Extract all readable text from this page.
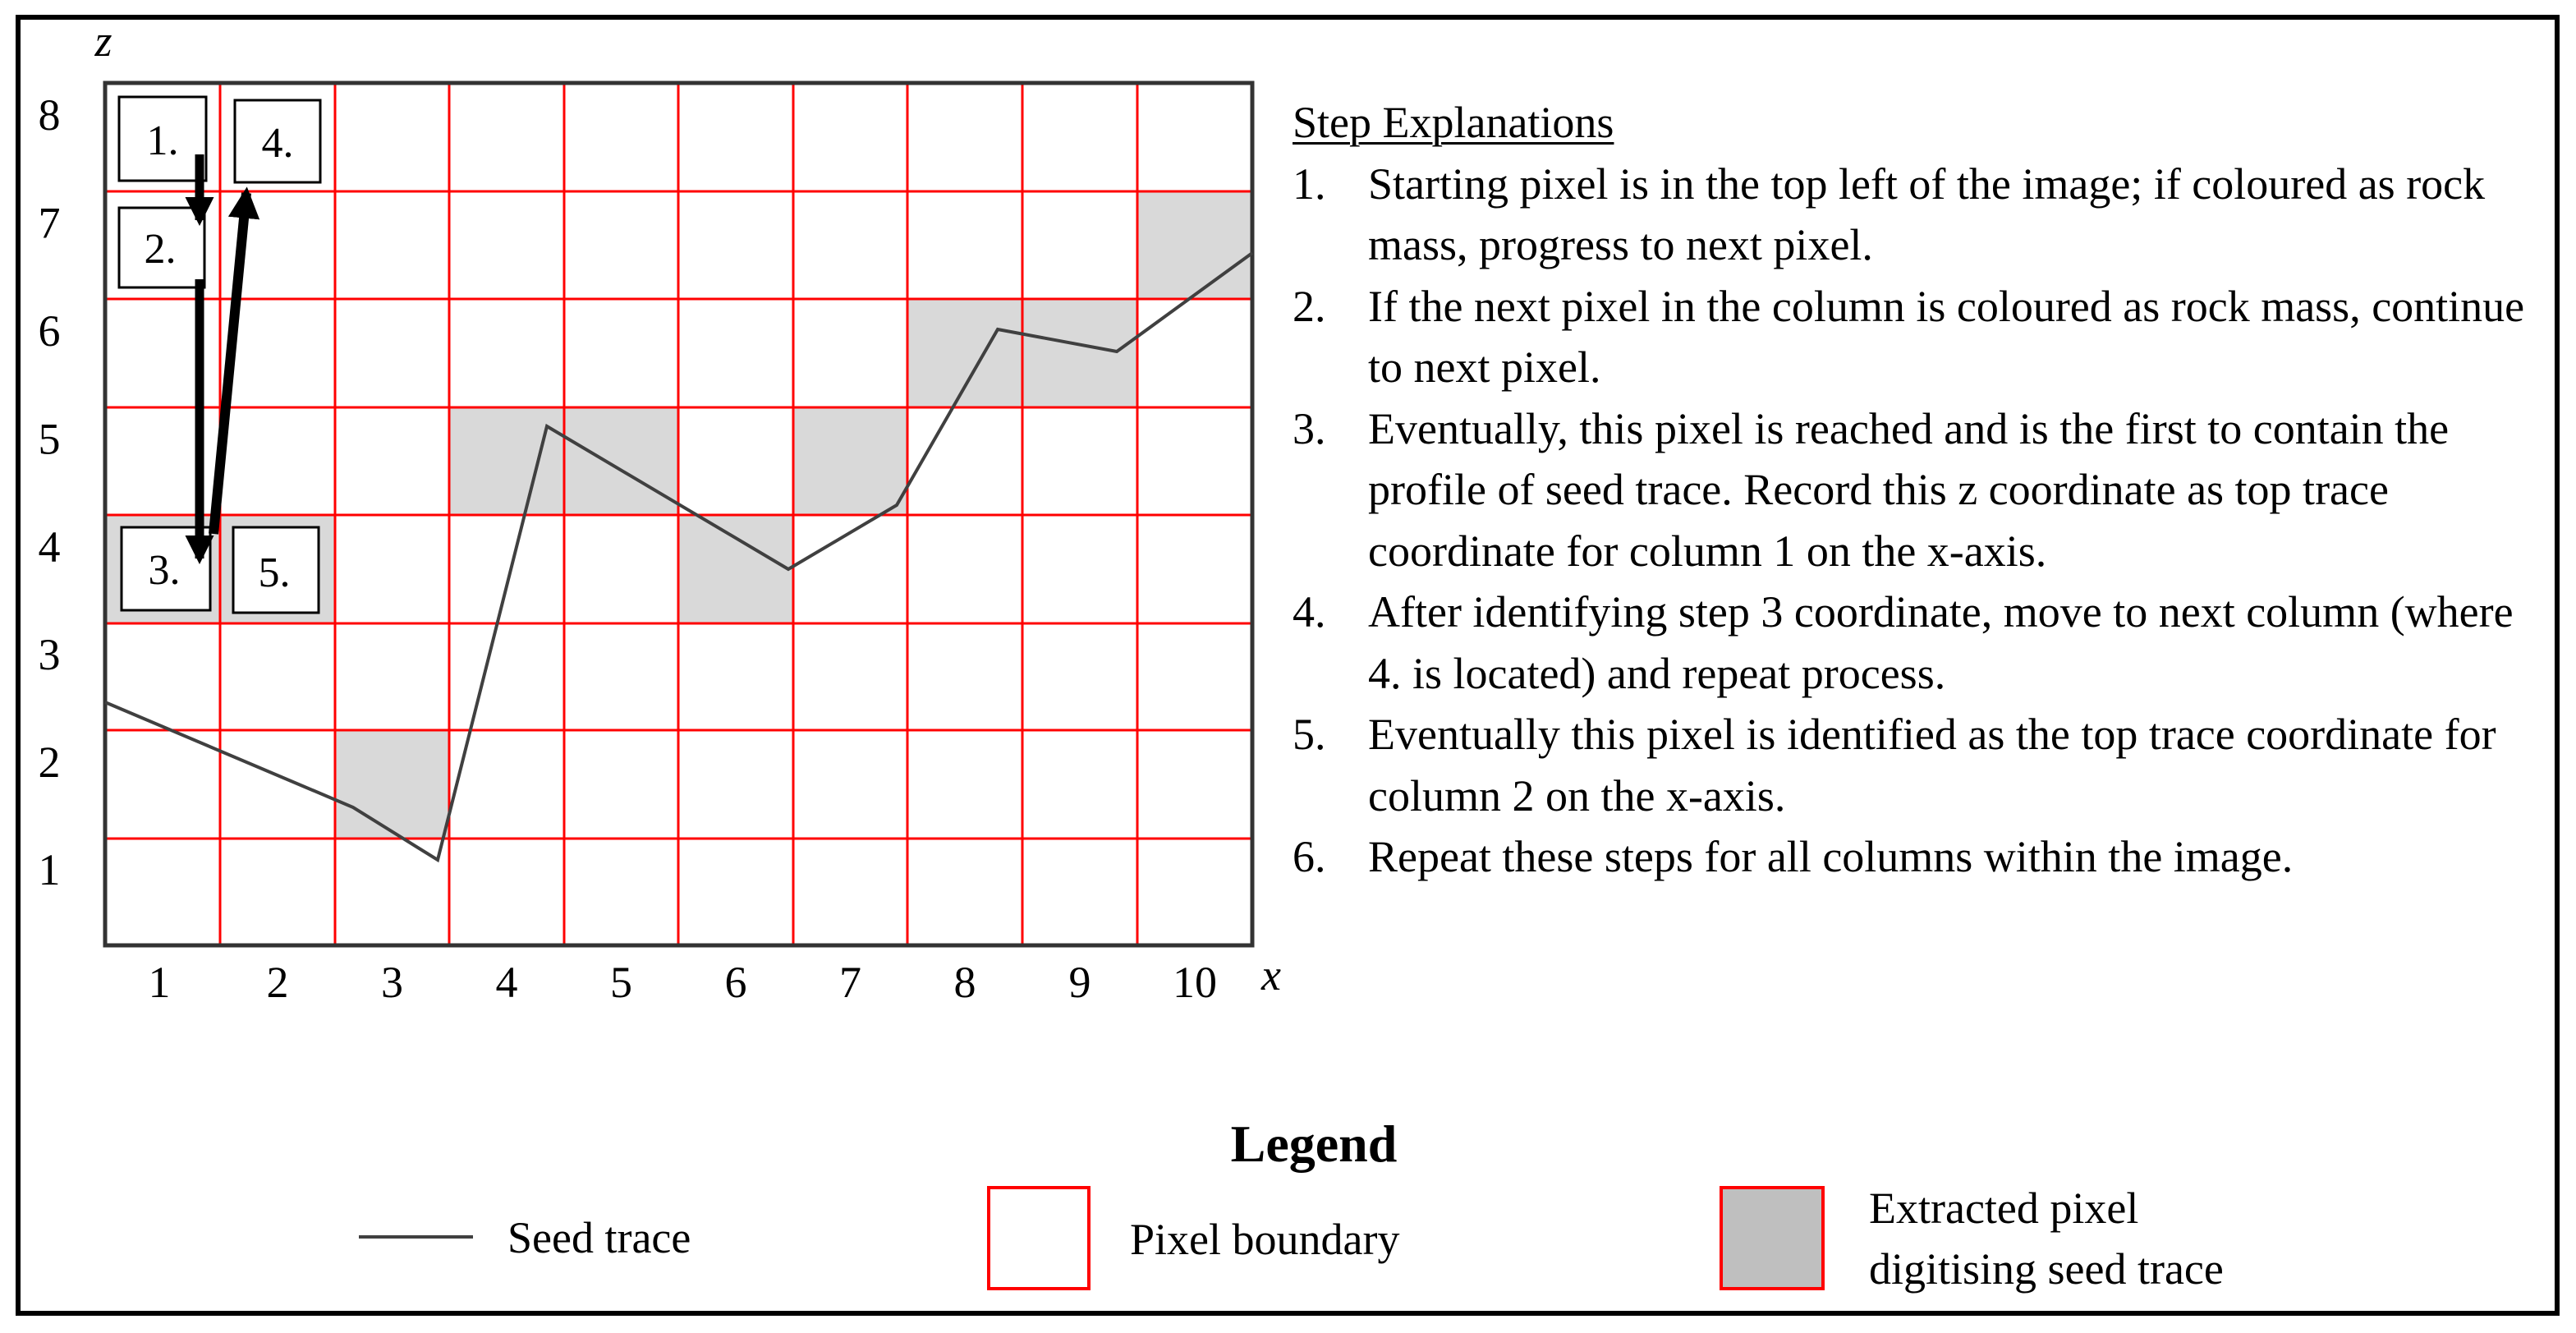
1. 4.
2.
3. 5.
z
x
1 2 3 4 5 6 7 8 9 10
8
7
6
5
4
3
2
1

Step Explanations

1. Starting pixel is in the top left of the image; if coloured as rock mass, progress to next pixel.
2. If the next pixel in the column is coloured as rock mass, continue to next pixel.
3. Eventually, this pixel is reached and is the first to contain the profile of seed trace. Record this z coordinate as top trace coordinate for column 1 on the x-axis.
4. After identifying step 3 coordinate, move to next column (where 4. is located) and repeat process.
5. Eventually this pixel is identified as the top trace coordinate for column 2 on the x-axis.
6. Repeat these steps for all columns within the image.

Legend

Seed trace	Pixel boundary
Extracted pixel
digitising seed trace
